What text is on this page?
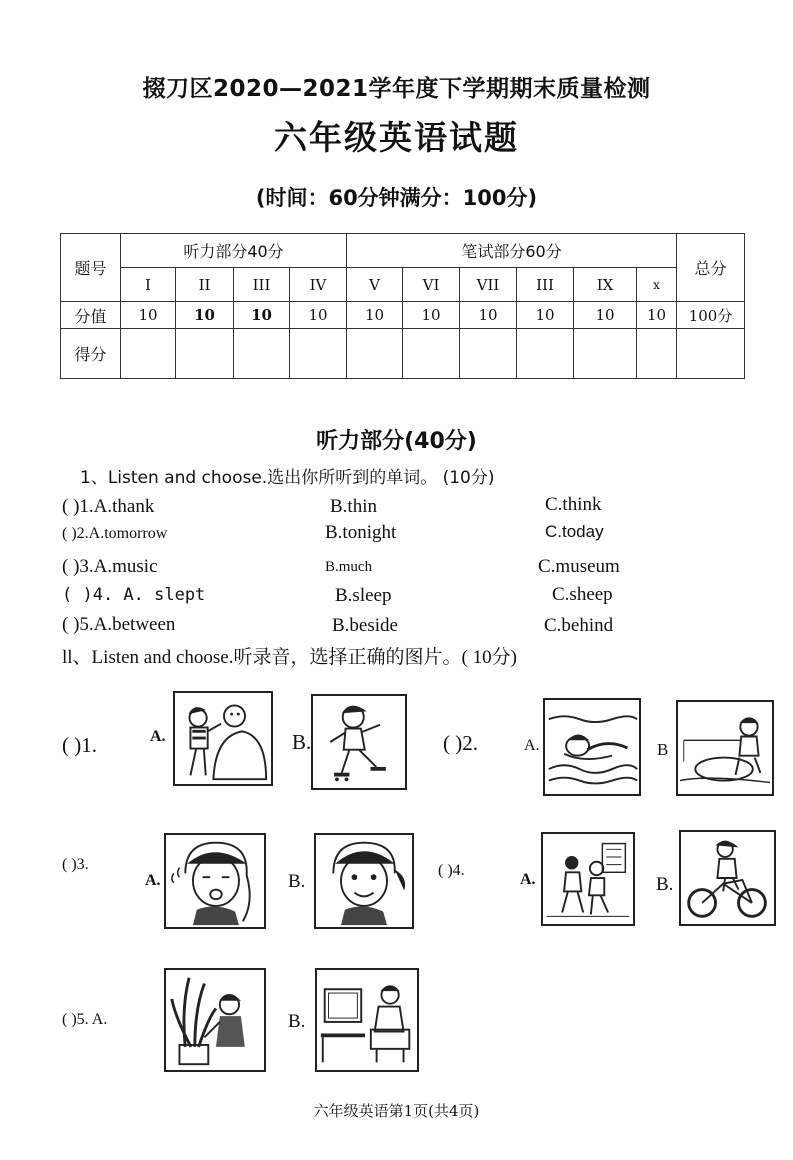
掇刀区2020—2021学年度下学期期末质量检测
六年级英语试题
(时间：60分钟满分：100分)
题号	听力部分40分				笔试部分60分						总分
	I	II	III	IV	V	VI	VII	III	IX	x	
分值	10	10	10	10	10	10	10	10	10	10	100分
得分											
听力部分(40分)
1、Listen and choose.选出你所听到的单词。 (10分)
( )1.A.thank	B.thin	C.think
( )2.A.tomorrow	B.tonight	C.today
( )3.A.music	B.much	C.museum
( )4. A. slept	B.sleep	C.sheep
( )5.A.between	B.beside	C.behind
ll、Listen and choose.听录音，选择正确的图片。( 10分)
( )1.	A.	B.	( )2.	A.	B
( )3.
A.	B.
( )4.
A.	B.
( )5. A.	B.
六年级英语第1页(共4页)
